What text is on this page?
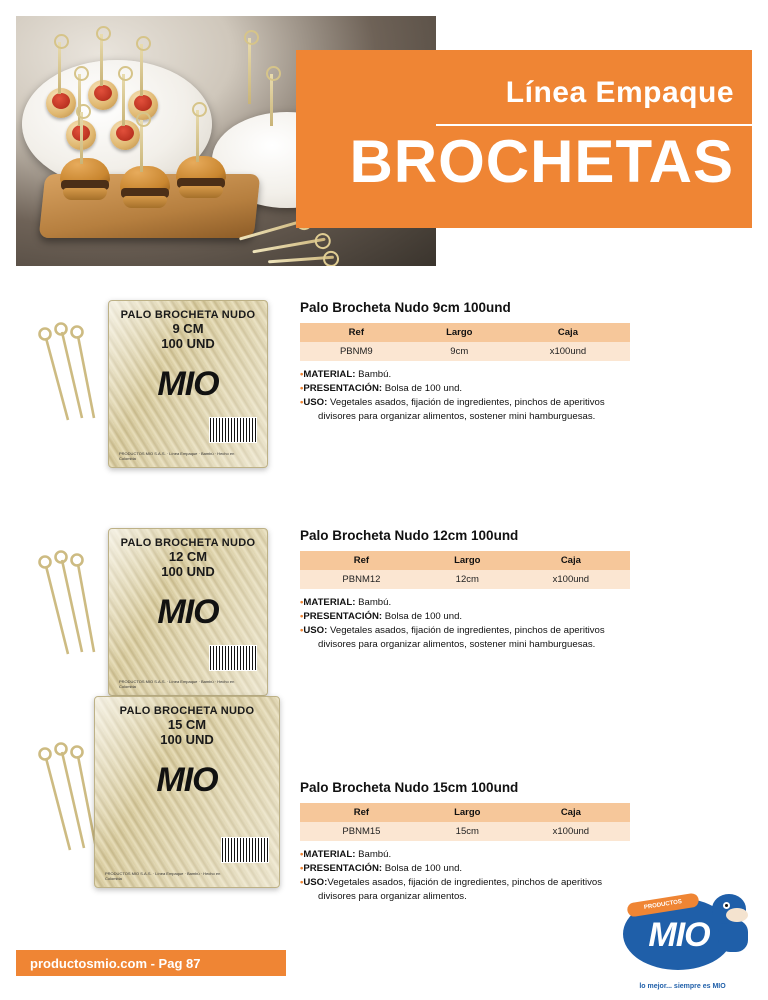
Línea Empaque
BROCHETAS
PALO BROCHETA NUDO
9 CM
100 UND
MIO
PRODUCTOS MIO S.A.S. · Línea Empaque · Bambú · Hecho en Colombia
Palo Brocheta Nudo 9cm 100und
Ref	Largo	Caja
PBNM9	9cm	x100und
•MATERIAL: Bambú.
•PRESENTACIÓN: Bolsa de 100 und.
•USO: Vegetales asados, fijación de ingredientes, pinchos de aperitivos
divisores para organizar alimentos, sostener mini hamburguesas.
PALO BROCHETA NUDO
12 CM
100 UND
MIO
PRODUCTOS MIO S.A.S. · Línea Empaque · Bambú · Hecho en Colombia
Palo Brocheta Nudo 12cm 100und
Ref	Largo	Caja
PBNM12	12cm	x100und
•MATERIAL: Bambú.
•PRESENTACIÓN: Bolsa de 100 und.
•USO: Vegetales asados, fijación de ingredientes, pinchos de aperitivos
divisores para organizar alimentos, sostener mini hamburguesas.
PALO BROCHETA NUDO
15 CM
100 UND
MIO
PRODUCTOS MIO S.A.S. · Línea Empaque · Bambú · Hecho en Colombia
Palo Brocheta Nudo 15cm 100und
Ref	Largo	Caja
PBNM15	15cm	x100und
•MATERIAL: Bambú.
•PRESENTACIÓN: Bolsa de 100 und.
•USO:Vegetales asados, fijación de ingredientes, pinchos de aperitivos
divisores para organizar alimentos.
productosmio.com - Pag 87
PRODUCTOS
MIO
lo mejor... siempre es MIO
